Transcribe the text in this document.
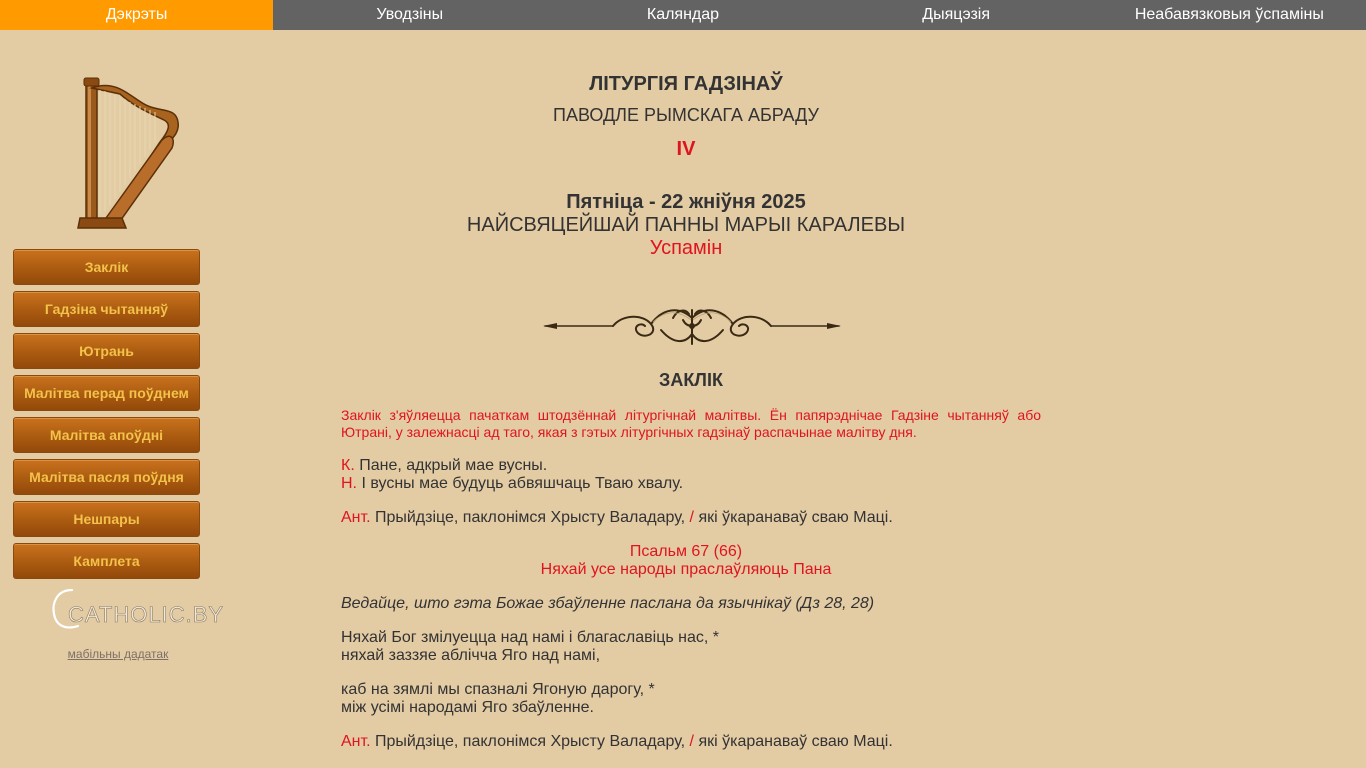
Дэкрэты	Уводзіны	Каляндар	Дыяцэзія	Неабавязковыя ўспаміны
Заклік
Гадзіна чытанняў
Ютрань
Малітва перад поўднем
Малітва апоўдні
Малітва пасля поўдня
Нешпары
Камплета
CATHOLIC.BY
мабільны дадатак
ЛІТУРГІЯ ГАДЗІНАЎ
ПАВОДЛЕ РЫМСКАГА АБРАДУ
IV
Пятніца - 22 жніўня 2025
НАЙСВЯЦЕЙШАЙ ПАННЫ МАРЫІ КАРАЛЕВЫ
Успамін
ЗАКЛІК
Заклік з'яўляецца пачаткам штодзённай літургічнай малітвы. Ён папярэднічае Гадзіне чытанняў або Ютрані, у залежнасці ад таго, якая з гэтых літургічных гадзінаў распачынае малітву дня.
К. Пане, адкрый мае вусны.
Н. І вусны мае будуць абвяшчаць Тваю хвалу.
Ант. Прыйдзіце, паклонімся Хрысту Валадару, / які ўкаранаваў сваю Маці.
Псальм 67 (66)
Няхай усе народы праслаўляюць Пана
Ведайце, што гэта Божае збаўленне паслана да язычнікаў (Дз 28, 28)
Няхай Бог змілуецца над намі і благаславіць нас, *
няхай заззяе аблічча Яго над намі,
каб на зямлі мы спазналі Ягоную дарогу, *
між усімі народамі Яго збаўленне.
Ант. Прыйдзіце, паклонімся Хрысту Валадару, / які ўкаранаваў сваю Маці.
